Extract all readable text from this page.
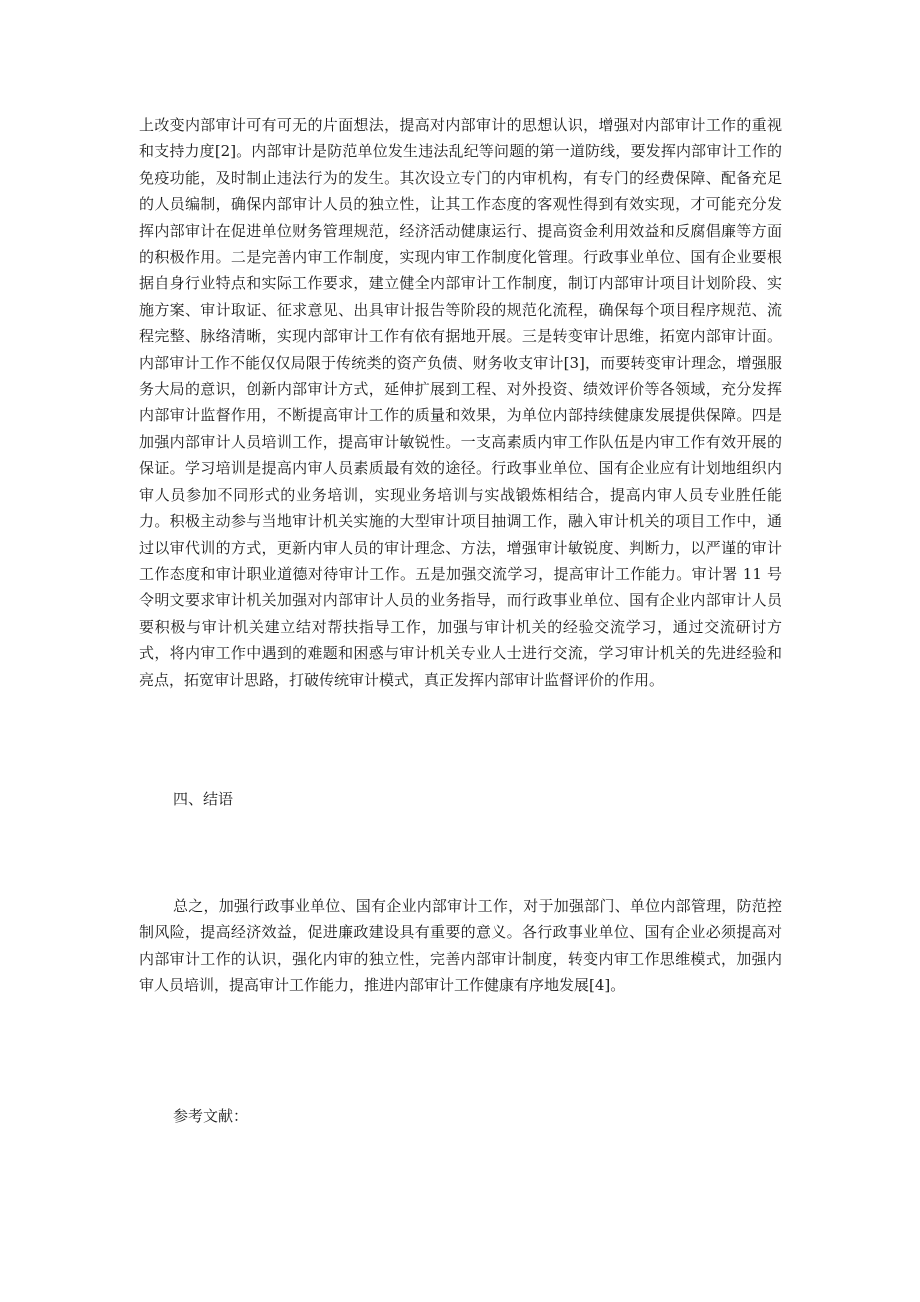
上改变内部审计可有可无的片面想法，提高对内部审计的思想认识，增强对内部审计工作的重视和支持力度[2]。内部审计是防范单位发生违法乱纪等问题的第一道防线，要发挥内部审计工作的免疫功能，及时制止违法行为的发生。其次设立专门的内审机构，有专门的经费保障、配备充足的人员编制，确保内部审计人员的独立性，让其工作态度的客观性得到有效实现，才可能充分发挥内部审计在促进单位财务管理规范，经济活动健康运行、提高资金利用效益和反腐倡廉等方面的积极作用。二是完善内审工作制度，实现内审工作制度化管理。行政事业单位、国有企业要根据自身行业特点和实际工作要求，建立健全内部审计工作制度，制订内部审计项目计划阶段、实施方案、审计取证、征求意见、出具审计报告等阶段的规范化流程，确保每个项目程序规范、流程完整、脉络清晰，实现内部审计工作有依有据地开展。三是转变审计思维，拓宽内部审计面。内部审计工作不能仅仅局限于传统类的资产负债、财务收支审计[3]，而要转变审计理念，增强服务大局的意识，创新内部审计方式，延伸扩展到工程、对外投资、绩效评价等各领域，充分发挥内部审计监督作用，不断提高审计工作的质量和效果，为单位内部持续健康发展提供保障。四是加强内部审计人员培训工作，提高审计敏锐性。一支高素质内审工作队伍是内审工作有效开展的保证。学习培训是提高内审人员素质最有效的途径。行政事业单位、国有企业应有计划地组织内审人员参加不同形式的业务培训，实现业务培训与实战锻炼相结合，提高内审人员专业胜任能力。积极主动参与当地审计机关实施的大型审计项目抽调工作，融入审计机关的项目工作中，通过以审代训的方式，更新内审人员的审计理念、方法，增强审计敏锐度、判断力，以严谨的审计工作态度和审计职业道德对待审计工作。五是加强交流学习，提高审计工作能力。审计署 11 号令明文要求审计机关加强对内部审计人员的业务指导，而行政事业单位、国有企业内部审计人员要积极与审计机关建立结对帮扶指导工作，加强与审计机关的经验交流学习，通过交流研讨方式，将内审工作中遇到的难题和困惑与审计机关专业人士进行交流，学习审计机关的先进经验和亮点，拓宽审计思路，打破传统审计模式，真正发挥内部审计监督评价的作用。

四、结语

总之，加强行政事业单位、国有企业内部审计工作，对于加强部门、单位内部管理，防范控制风险，提高经济效益，促进廉政建设具有重要的意义。各行政事业单位、国有企业必须提高对内部审计工作的认识，强化内审的独立性，完善内部审计制度，转变内审工作思维模式，加强内审人员培训，提高审计工作能力，推进内部审计工作健康有序地发展[4]。

参考文献：
